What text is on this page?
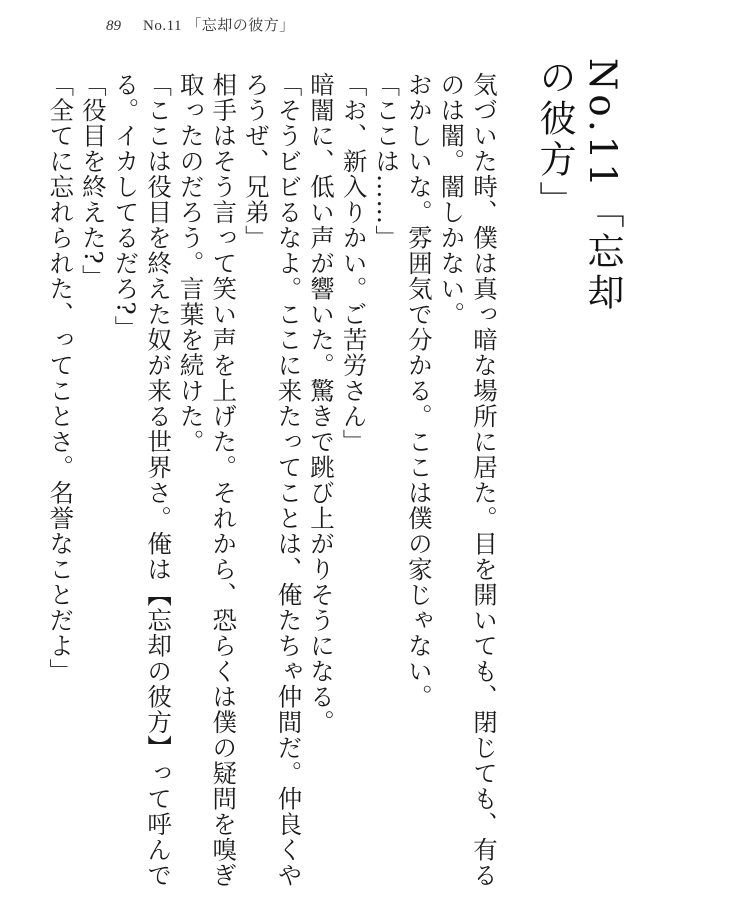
89 No.11 「忘却の彼方」
No.11「忘却の彼方」

気づいた時、僕は真っ暗な場所に居た。目を開いても、閉じても、有るのは闇。闇しかない。

おかしいな。雰囲気で分かる。ここは僕の家じゃない。

「ここは……」

「お、新入りかい。ご苦労さん」

暗闇に、低い声が響いた。驚きで跳び上がりそうになる。

「そうビビるなよ。ここに来たってことは、俺たちゃ仲間だ。仲良くやろうぜ、兄弟」

相手はそう言って笑い声を上げた。それから、恐らくは僕の疑問を嗅ぎ取ったのだろう。言葉を続けた。

「ここは役目を終えた奴が来る世界さ。俺は【忘却の彼方】って呼んでる。イカしてるだろ?」

「役目を終えた?」

「全てに忘れられた、ってことさ。名誉なことだよ」
